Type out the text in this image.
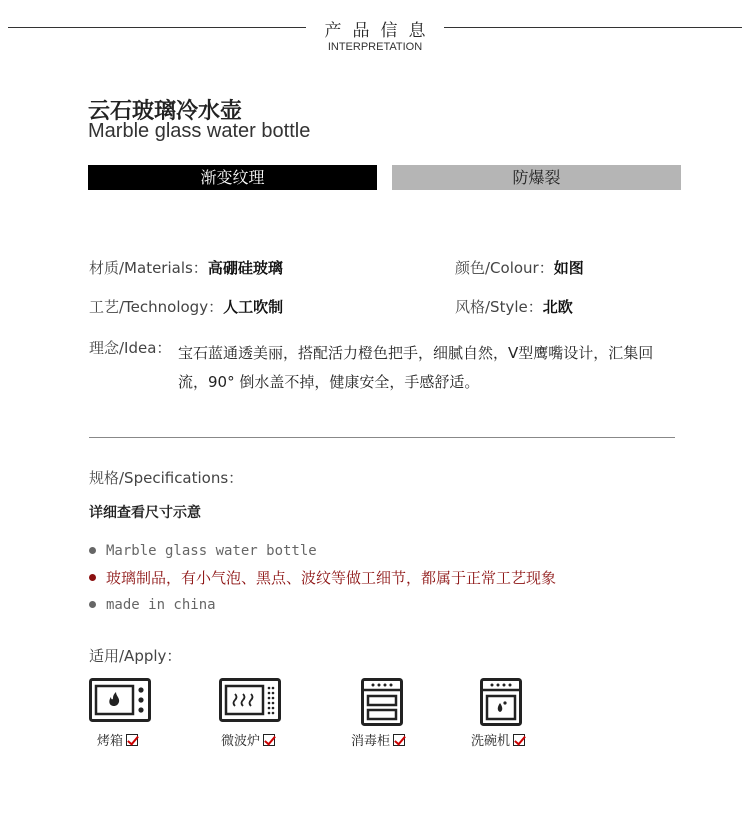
产品信息
INTERPRETATION
云石玻璃冷水壶
Marble glass water bottle
渐变纹理	防爆裂
材质/Materials：高硼硅玻璃	颜色/Colour：如图
工艺/Technology：人工吹制	风格/Style：北欧
理念/Idea： 宝石蓝通透美丽，搭配活力橙色把手，细腻自然，V型鹰嘴设计，汇集回流，90° 倒水盖不掉，健康安全，手感舒适。
规格/Specifications：
详细查看尺寸示意
Marble glass water bottle
玻璃制品，有小气泡、黑点、波纹等做工细节，都属于正常工艺现象
made in china
适用/Apply：
烤箱	微波炉	消毒柜	洗碗机
